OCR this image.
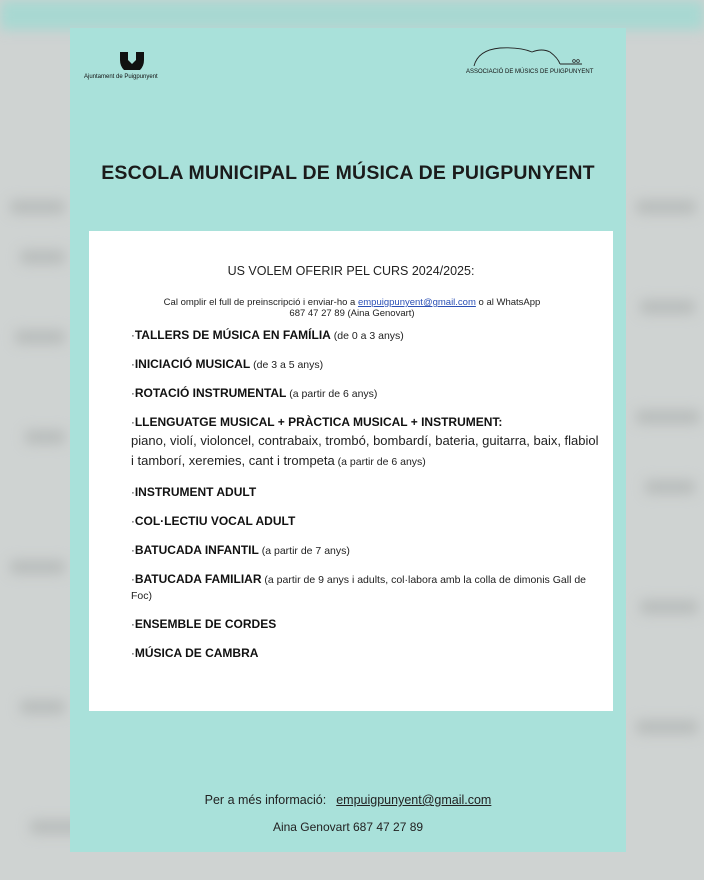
Ajuntament de Puigpunyent
ASSOCIACIÓ DE MÚSICS DE PUIGPUNYENT
ESCOLA MUNICIPAL DE MÚSICA DE PUIGPUNYENT
US VOLEM OFERIR PEL CURS 2024/2025:
Cal omplir el full de preinscripció i enviar-ho a empuigpunyent@gmail.com o al WhatsApp
687 47 27 89 (Aina Genovart)
·TALLERS DE MÚSICA EN FAMÍLIA (de 0 a 3 anys)
·INICIACIÓ MUSICAL (de 3 a 5 anys)
·ROTACIÓ INSTRUMENTAL (a partir de 6 anys)
·LLENGUATGE MUSICAL + PRÀCTICA MUSICAL + INSTRUMENT:
piano, violí, violoncel, contrabaix, trombó, bombardí, bateria, guitarra, baix, flabiol i tamborí, xeremies, cant i trompeta (a partir de 6 anys)
·INSTRUMENT ADULT
·COL·LECTIU VOCAL ADULT
·BATUCADA INFANTIL (a partir de 7 anys)
·BATUCADA FAMILIAR (a partir de 9 anys i adults, col·labora amb la colla de dimonis Gall de Foc)
·ENSEMBLE DE CORDES
·MÚSICA DE CAMBRA
Per a més informació: empuigpunyent@gmail.com
Aina Genovart 687 47 27 89
